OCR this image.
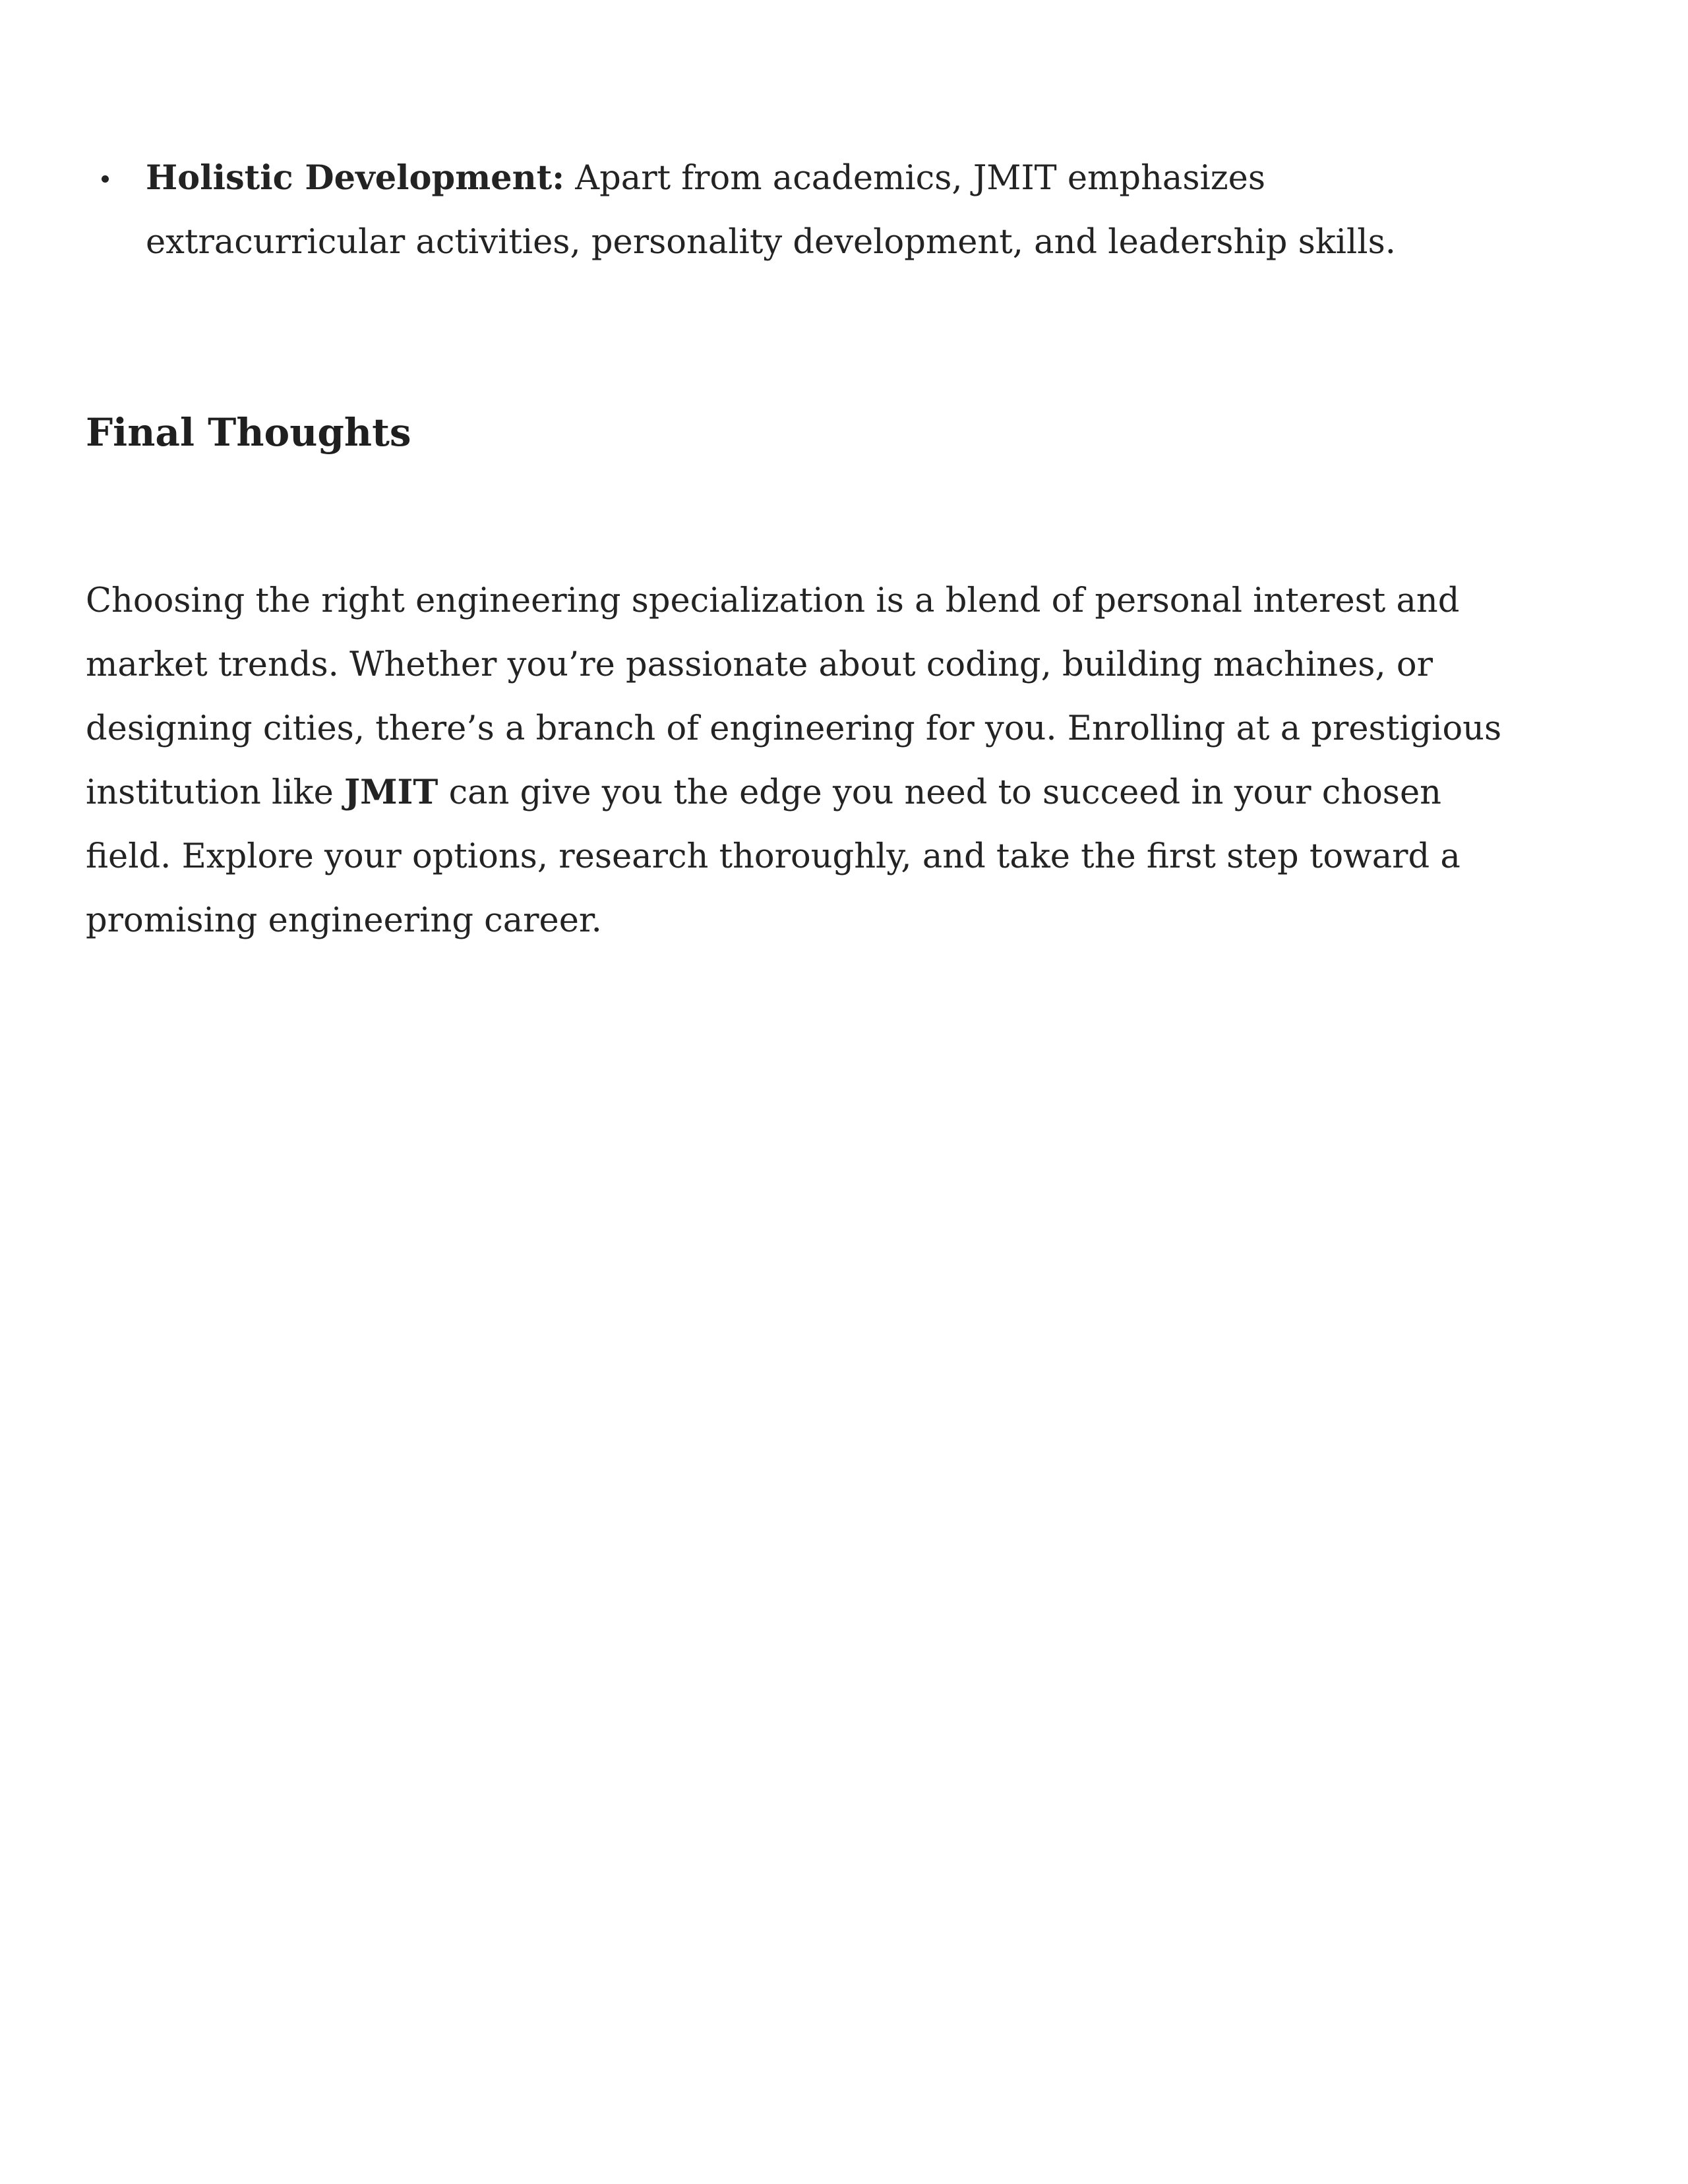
Holistic Development: Apart from academics, JMIT emphasizes extracurricular activities, personality development, and leadership skills.
Final Thoughts

Choosing the right engineering specialization is a blend of personal interest and market trends. Whether you’re passionate about coding, building machines, or designing cities, there’s a branch of engineering for you. Enrolling at a prestigious institution like JMIT can give you the edge you need to succeed in your chosen field. Explore your options, research thoroughly, and take the first step toward a promising engineering career.
